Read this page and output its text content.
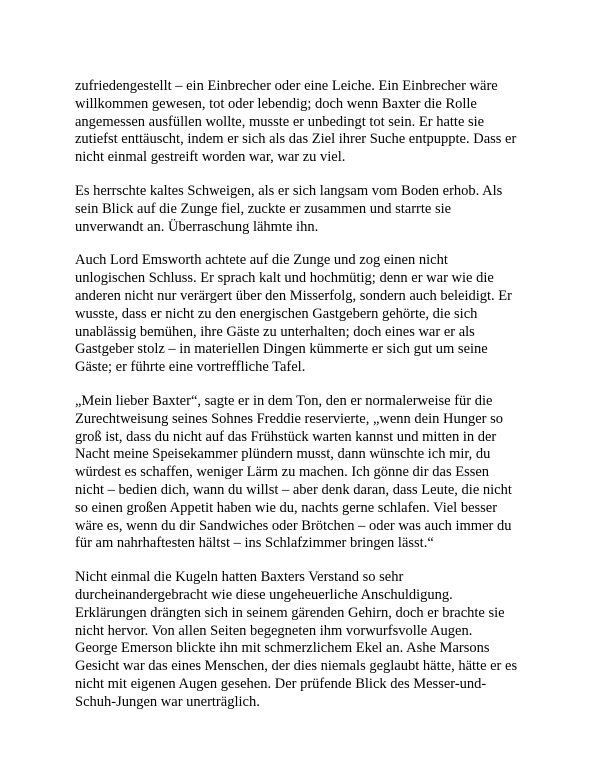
zufriedengestellt – ein Einbrecher oder eine Leiche. Ein Einbrecher wäre
willkommen gewesen, tot oder lebendig; doch wenn Baxter die Rolle
angemessen ausfüllen wollte, musste er unbedingt tot sein. Er hatte sie
zutiefst enttäuscht, indem er sich als das Ziel ihrer Suche entpuppte. Dass er
nicht einmal gestreift worden war, war zu viel.

Es herrschte kaltes Schweigen, als er sich langsam vom Boden erhob. Als
sein Blick auf die Zunge fiel, zuckte er zusammen und starrte sie
unverwandt an. Überraschung lähmte ihn.

Auch Lord Emsworth achtete auf die Zunge und zog einen nicht
unlogischen Schluss. Er sprach kalt und hochmütig; denn er war wie die
anderen nicht nur verärgert über den Misserfolg, sondern auch beleidigt. Er
wusste, dass er nicht zu den energischen Gastgebern gehörte, die sich
unablässig bemühen, ihre Gäste zu unterhalten; doch eines war er als
Gastgeber stolz – in materiellen Dingen kümmerte er sich gut um seine
Gäste; er führte eine vortreffliche Tafel.

„Mein lieber Baxter“, sagte er in dem Ton, den er normalerweise für die
Zurechtweisung seines Sohnes Freddie reservierte, „wenn dein Hunger so
groß ist, dass du nicht auf das Frühstück warten kannst und mitten in der
Nacht meine Speisekammer plündern musst, dann wünschte ich mir, du
würdest es schaffen, weniger Lärm zu machen. Ich gönne dir das Essen
nicht – bedien dich, wann du willst – aber denk daran, dass Leute, die nicht
so einen großen Appetit haben wie du, nachts gerne schlafen. Viel besser
wäre es, wenn du dir Sandwiches oder Brötchen – oder was auch immer du
für am nahrhaftesten hältst – ins Schlafzimmer bringen lässt.“

Nicht einmal die Kugeln hatten Baxters Verstand so sehr
durcheinandergebracht wie diese ungeheuerliche Anschuldigung.
Erklärungen drängten sich in seinem gärenden Gehirn, doch er brachte sie
nicht hervor. Von allen Seiten begegneten ihm vorwurfsvolle Augen.
George Emerson blickte ihn mit schmerzlichem Ekel an. Ashe Marsons
Gesicht war das eines Menschen, der dies niemals geglaubt hätte, hätte er es
nicht mit eigenen Augen gesehen. Der prüfende Blick des Messer-und-
Schuh-Jungen war unerträglich.
